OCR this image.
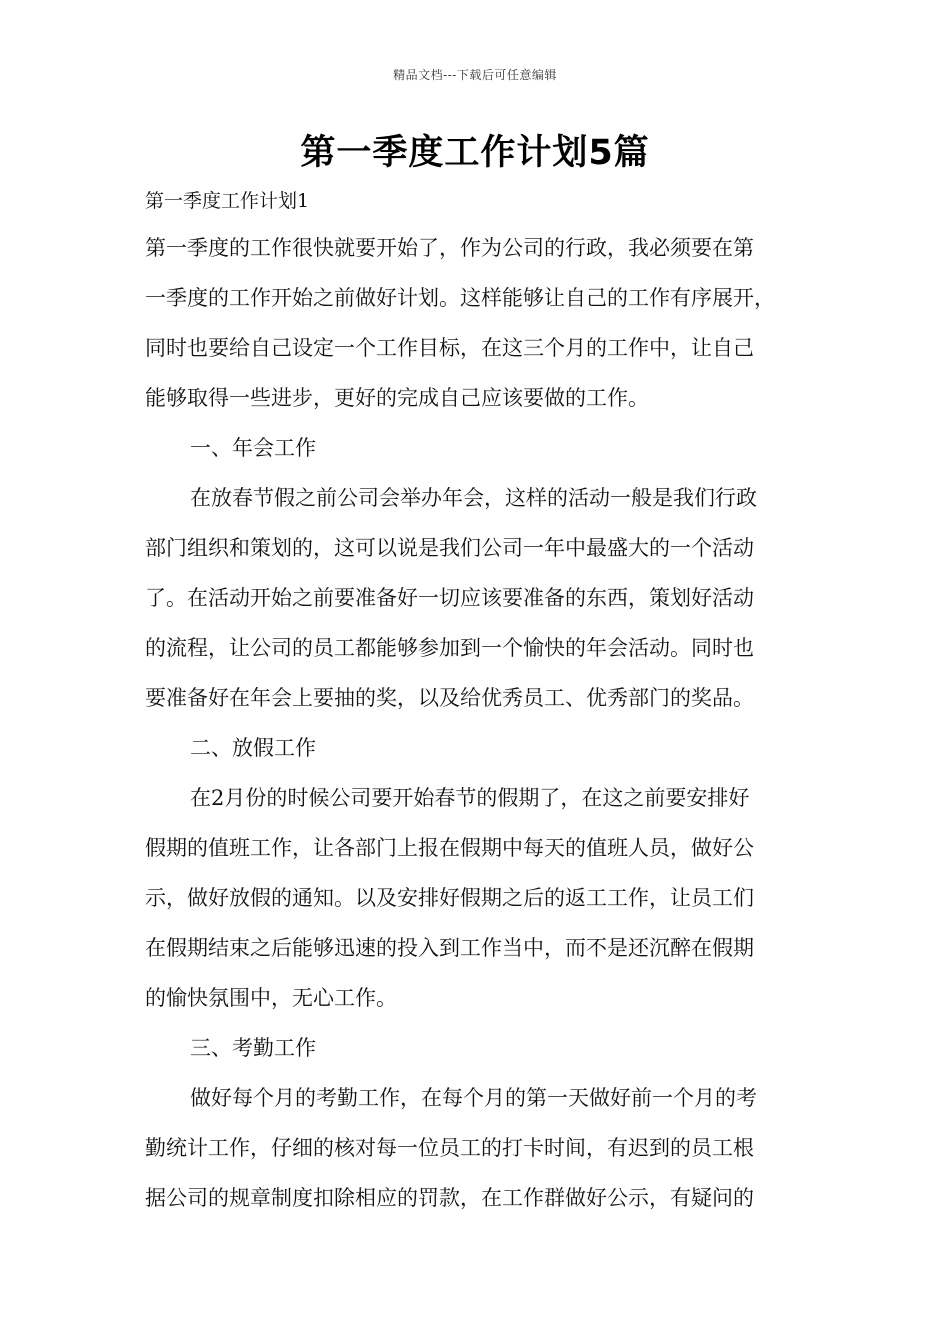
精品文档---下载后可任意编辑
第一季度工作计划5篇
第一季度工作计划1
第一季度的工作很快就要开始了，作为公司的行政，我必须要在第
一季度的工作开始之前做好计划。这样能够让自己的工作有序展开，
同时也要给自己设定一个工作目标，在这三个月的工作中，让自己
能够取得一些进步，更好的完成自己应该要做的工作。
一、年会工作
在放春节假之前公司会举办年会，这样的活动一般是我们行政
部门组织和策划的，这可以说是我们公司一年中最盛大的一个活动
了。在活动开始之前要准备好一切应该要准备的东西，策划好活动
的流程，让公司的员工都能够参加到一个愉快的年会活动。同时也
要准备好在年会上要抽的奖，以及给优秀员工、优秀部门的奖品。
二、放假工作
在2月份的时候公司要开始春节的假期了，在这之前要安排好
假期的值班工作，让各部门上报在假期中每天的值班人员，做好公
示，做好放假的通知。以及安排好假期之后的返工工作，让员工们
在假期结束之后能够迅速的投入到工作当中，而不是还沉醉在假期
的愉快氛围中，无心工作。
三、考勤工作
做好每个月的考勤工作，在每个月的第一天做好前一个月的考
勤统计工作，仔细的核对每一位员工的打卡时间，有迟到的员工根
据公司的规章制度扣除相应的罚款，在工作群做好公示，有疑问的
